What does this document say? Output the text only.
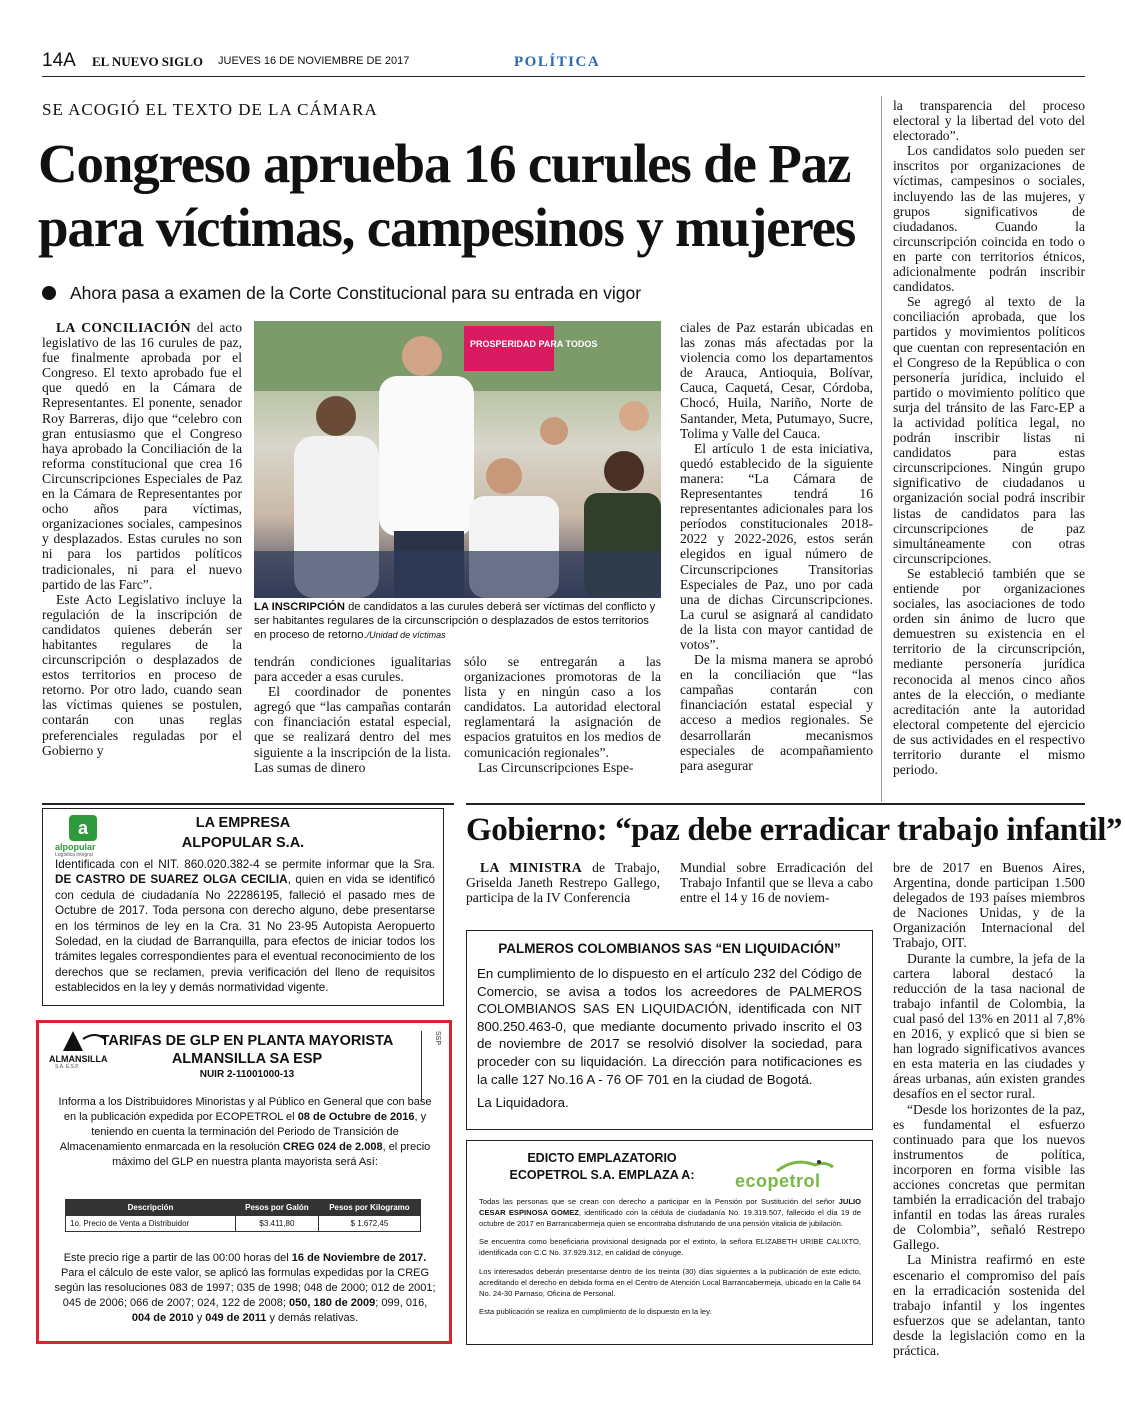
14A EL NUEVO SIGLO JUEVES 16 DE NOVIEMBRE DE 2017	POLÍTICA
SE ACOGIÓ EL TEXTO DE LA CÁMARA
Congreso aprueba 16 curules de Paz
para víctimas, campesinos y mujeres
Ahora pasa a examen de la Corte Constitucional para su entrada en vigor

LA CONCILIACIÓN del acto legislativo de las 16 curules de paz, fue finalmente aprobada por el Congreso. El texto aprobado fue el que quedó en la Cámara de Representantes. El ponente, senador Roy Barreras, dijo que “celebro con gran entusiasmo que el Congreso haya aprobado la Conciliación de la reforma constitucional que crea 16 Circunscripciones Especiales de Paz en la Cámara de Representantes por ocho años para víctimas, organizaciones sociales, campesinos y desplazados. Estas curules no son ni para los partidos políticos tradicionales, ni para el nuevo partido de las Farc”.

Este Acto Legislativo incluye la regulación de la inscripción de candidatos quienes deberán ser habitantes regulares de la circunscripción o desplazados de estos territorios en proceso de retorno. Por otro lado, cuando sean las víctimas quienes se postulen, contarán con unas reglas preferenciales reguladas por el Gobierno y

PROSPERIDAD PARA TODOS
LA INSCRIPCIÓN de candidatos a las curules deberá ser víctimas del conflicto y ser habitantes regulares de la circunscripción o desplazados de estos territorios en proceso de retorno./Unidad de víctimas

tendrán condiciones igualitarias para acceder a esas curules.

El coordinador de ponentes agregó que “las campañas contarán con financiación estatal especial, que se realizará dentro del mes siguiente a la inscripción de la lista. Las sumas de dinero

sólo se entregarán a las organizaciones promotoras de la lista y en ningún caso a los candidatos. La autoridad electoral reglamentará la asignación de espacios gratuitos en los medios de comunicación regionales”.

Las Circunscripciones Espe-

ciales de Paz estarán ubicadas en las zonas más afectadas por la violencia como los departamentos de Arauca, Antioquia, Bolívar, Cauca, Caquetá, Cesar, Córdoba, Chocó, Huila, Nariño, Norte de Santander, Meta, Putumayo, Sucre, Tolima y Valle del Cauca.

El artículo 1 de esta iniciativa, quedó establecido de la siguiente manera: “La Cámara de Representantes tendrá 16 representantes adicionales para los períodos constitucionales 2018-2022 y 2022-2026, estos serán elegidos en igual número de Circunscripciones Transitorias Especiales de Paz, uno por cada una de dichas Circunscripciones. La curul se asignará al candidato de la lista con mayor cantidad de votos”.

De la misma manera se aprobó en la conciliación que “las campañas contarán con financiación estatal especial y acceso a medios regionales. Se desarrollarán mecanismos especiales de acompañamiento para asegurar

la transparencia del proceso electoral y la libertad del voto del electorado”.

Los candidatos solo pueden ser inscritos por organizaciones de víctimas, campesinos o sociales, incluyendo las de las mujeres, y grupos significativos de ciudadanos. Cuando la circunscripción coincida en todo o en parte con territorios étnicos, adicionalmente podrán inscribir candidatos.

Se agregó al texto de la conciliación aprobada, que los partidos y movimientos políticos que cuentan con representación en el Congreso de la República o con personería jurídica, incluido el partido o movimiento político que surja del tránsito de las Farc-EP a la actividad política legal, no podrán inscribir listas ni candidatos para estas circunscripciones. Ningún grupo significativo de ciudadanos u organización social podrá inscribir listas de candidatos para las circunscripciones de paz simultáneamente con otras circunscripciones.

Se estableció también que se entiende por organizaciones sociales, las asociaciones de todo orden sin ánimo de lucro que demuestren su existencia en el territorio de la circunscripción, mediante personería jurídica reconocida al menos cinco años antes de la elección, o mediante acreditación ante la autoridad electoral competente del ejercicio de sus actividades en el respectivo territorio durante el mismo periodo.

a
alpopular
Logística integral
LA EMPRESA
ALPOPULAR S.A.
Identificada con el NIT. 860.020.382-4 se permite informar que la Sra. DE CASTRO DE SUAREZ OLGA CECILIA, quien en vida se identificó con cedula de ciudadanía No 22286195, falleció el pasado mes de Octubre de 2017. Toda persona con derecho alguno, debe presentarse en los términos de ley en la Cra. 31 No 23-95 Autopista Aeropuerto Soledad, en la ciudad de Barranquilla, para efectos de iniciar todos los trámites legales correspondientes para el eventual reconocimiento de los derechos que se reclamen, previa verificación del lleno de requisitos establecidos en la ley y demás normatividad vigente.
ALMANSILLA
S.A. E.S.P.
TARIFAS DE GLP EN PLANTA MAYORISTA
ALMANSILLA SA ESP
NUIR 2-11001000-13
SSP
Informa a los Distribuidores Minoristas y al Público en General que con base en la publicación expedida por ECOPETROL el 08 de Octubre de 2016, y teniendo en cuenta la terminación del Periodo de Transición de Almacenamiento enmarcada en la resolución CREG 024 de 2.008, el precio máximo del GLP en nuestra planta mayorista será Así:
Descripción	Pesos por Galón	Pesos por Kilogramo
1o. Precio de Venta a Distribuidor	$3.411,80	$ 1.672,45
Este precio rige a partir de las 00:00 horas del 16 de Noviembre de 2017. Para el cálculo de este valor, se aplicó las formulas expedidas por la CREG según las resoluciones 083 de 1997; 035 de 1998; 048 de 2000; 012 de 2001; 045 de 2006; 066 de 2007; 024, 122 de 2008; 050, 180 de 2009; 099, 016, 004 de 2010 y 049 de 2011 y demás relativas.
Gobierno: “paz debe erradicar trabajo infantil”

LA MINISTRA de Trabajo, Griselda Janeth Restrepo Gallego, participa de la IV Conferencia

Mundial sobre Erradicación del Trabajo Infantil que se lleva a cabo entre el 14 y 16 de noviem-

bre de 2017 en Buenos Aires, Argentina, donde participan 1.500 delegados de 193 países miembros de Naciones Unidas, y de la Organización Internacional del Trabajo, OIT.

Durante la cumbre, la jefa de la cartera laboral destacó la reducción de la tasa nacional de trabajo infantil de Colombia, la cual pasó del 13% en 2011 al 7,8% en 2016, y explicó que si bien se han logrado significativos avances en esta materia en las ciudades y áreas urbanas, aún existen grandes desafíos en el sector rural.

“Desde los horizontes de la paz, es fundamental el esfuerzo continuado para que los nuevos instrumentos de política, incorporen en forma visible las acciones concretas que permitan también la erradicación del trabajo infantil en todas las áreas rurales de Colombia”, señaló Restrepo Gallego.

La Ministra reafirmó en este escenario el compromiso del país en la erradicación sostenida del trabajo infantil y los ingentes esfuerzos que se adelantan, tanto desde la legislación como en la práctica.

PALMEROS COLOMBIANOS SAS “EN LIQUIDACIÓN”
En cumplimiento de lo dispuesto en el artículo 232 del Código de Comercio, se avisa a todos los acreedores de PALMEROS COLOMBIANOS SAS EN LIQUIDACIÓN, identificada con NIT 800.250.463-0, que mediante documento privado inscrito el 03 de noviembre de 2017 se resolvió disolver la sociedad, para proceder con su liquidación. La dirección para notificaciones es la calle 127 No.16 A - 76 OF 701 en la ciudad de Bogotá.
La Liquidadora.
EDICTO EMPLAZATORIO
ECOPETROL S.A. EMPLAZA A:	ecopetrol

Todas las personas que se crean con derecho a participar en la Pensión por Sustitución del señor JULIO CESAR ESPINOSA GOMEZ, identificado con la cédula de ciudadanía No. 19.319.507, fallecido el día 19 de octubre de 2017 en Barrancabermeja quien se encontraba disfrutando de una pensión vitalicia de jubilación.

Se encuentra como beneficiaria provisional designada por el extinto, la señora ELIZABETH URIBE CALIXTO, identificada con C.C No. 37.929.312, en calidad de cónyuge.

Los interesados deberán presentarse dentro de los treinta (30) días siguientes a la publicación de este edicto, acreditando el derecho en debida forma en el Centro de Atención Local Barrancabermeja, ubicado en la Calle 64 No. 24-30 Parnaso, Oficina de Personal.

Esta publicación se realiza en cumplimiento de lo dispuesto en la ley.
